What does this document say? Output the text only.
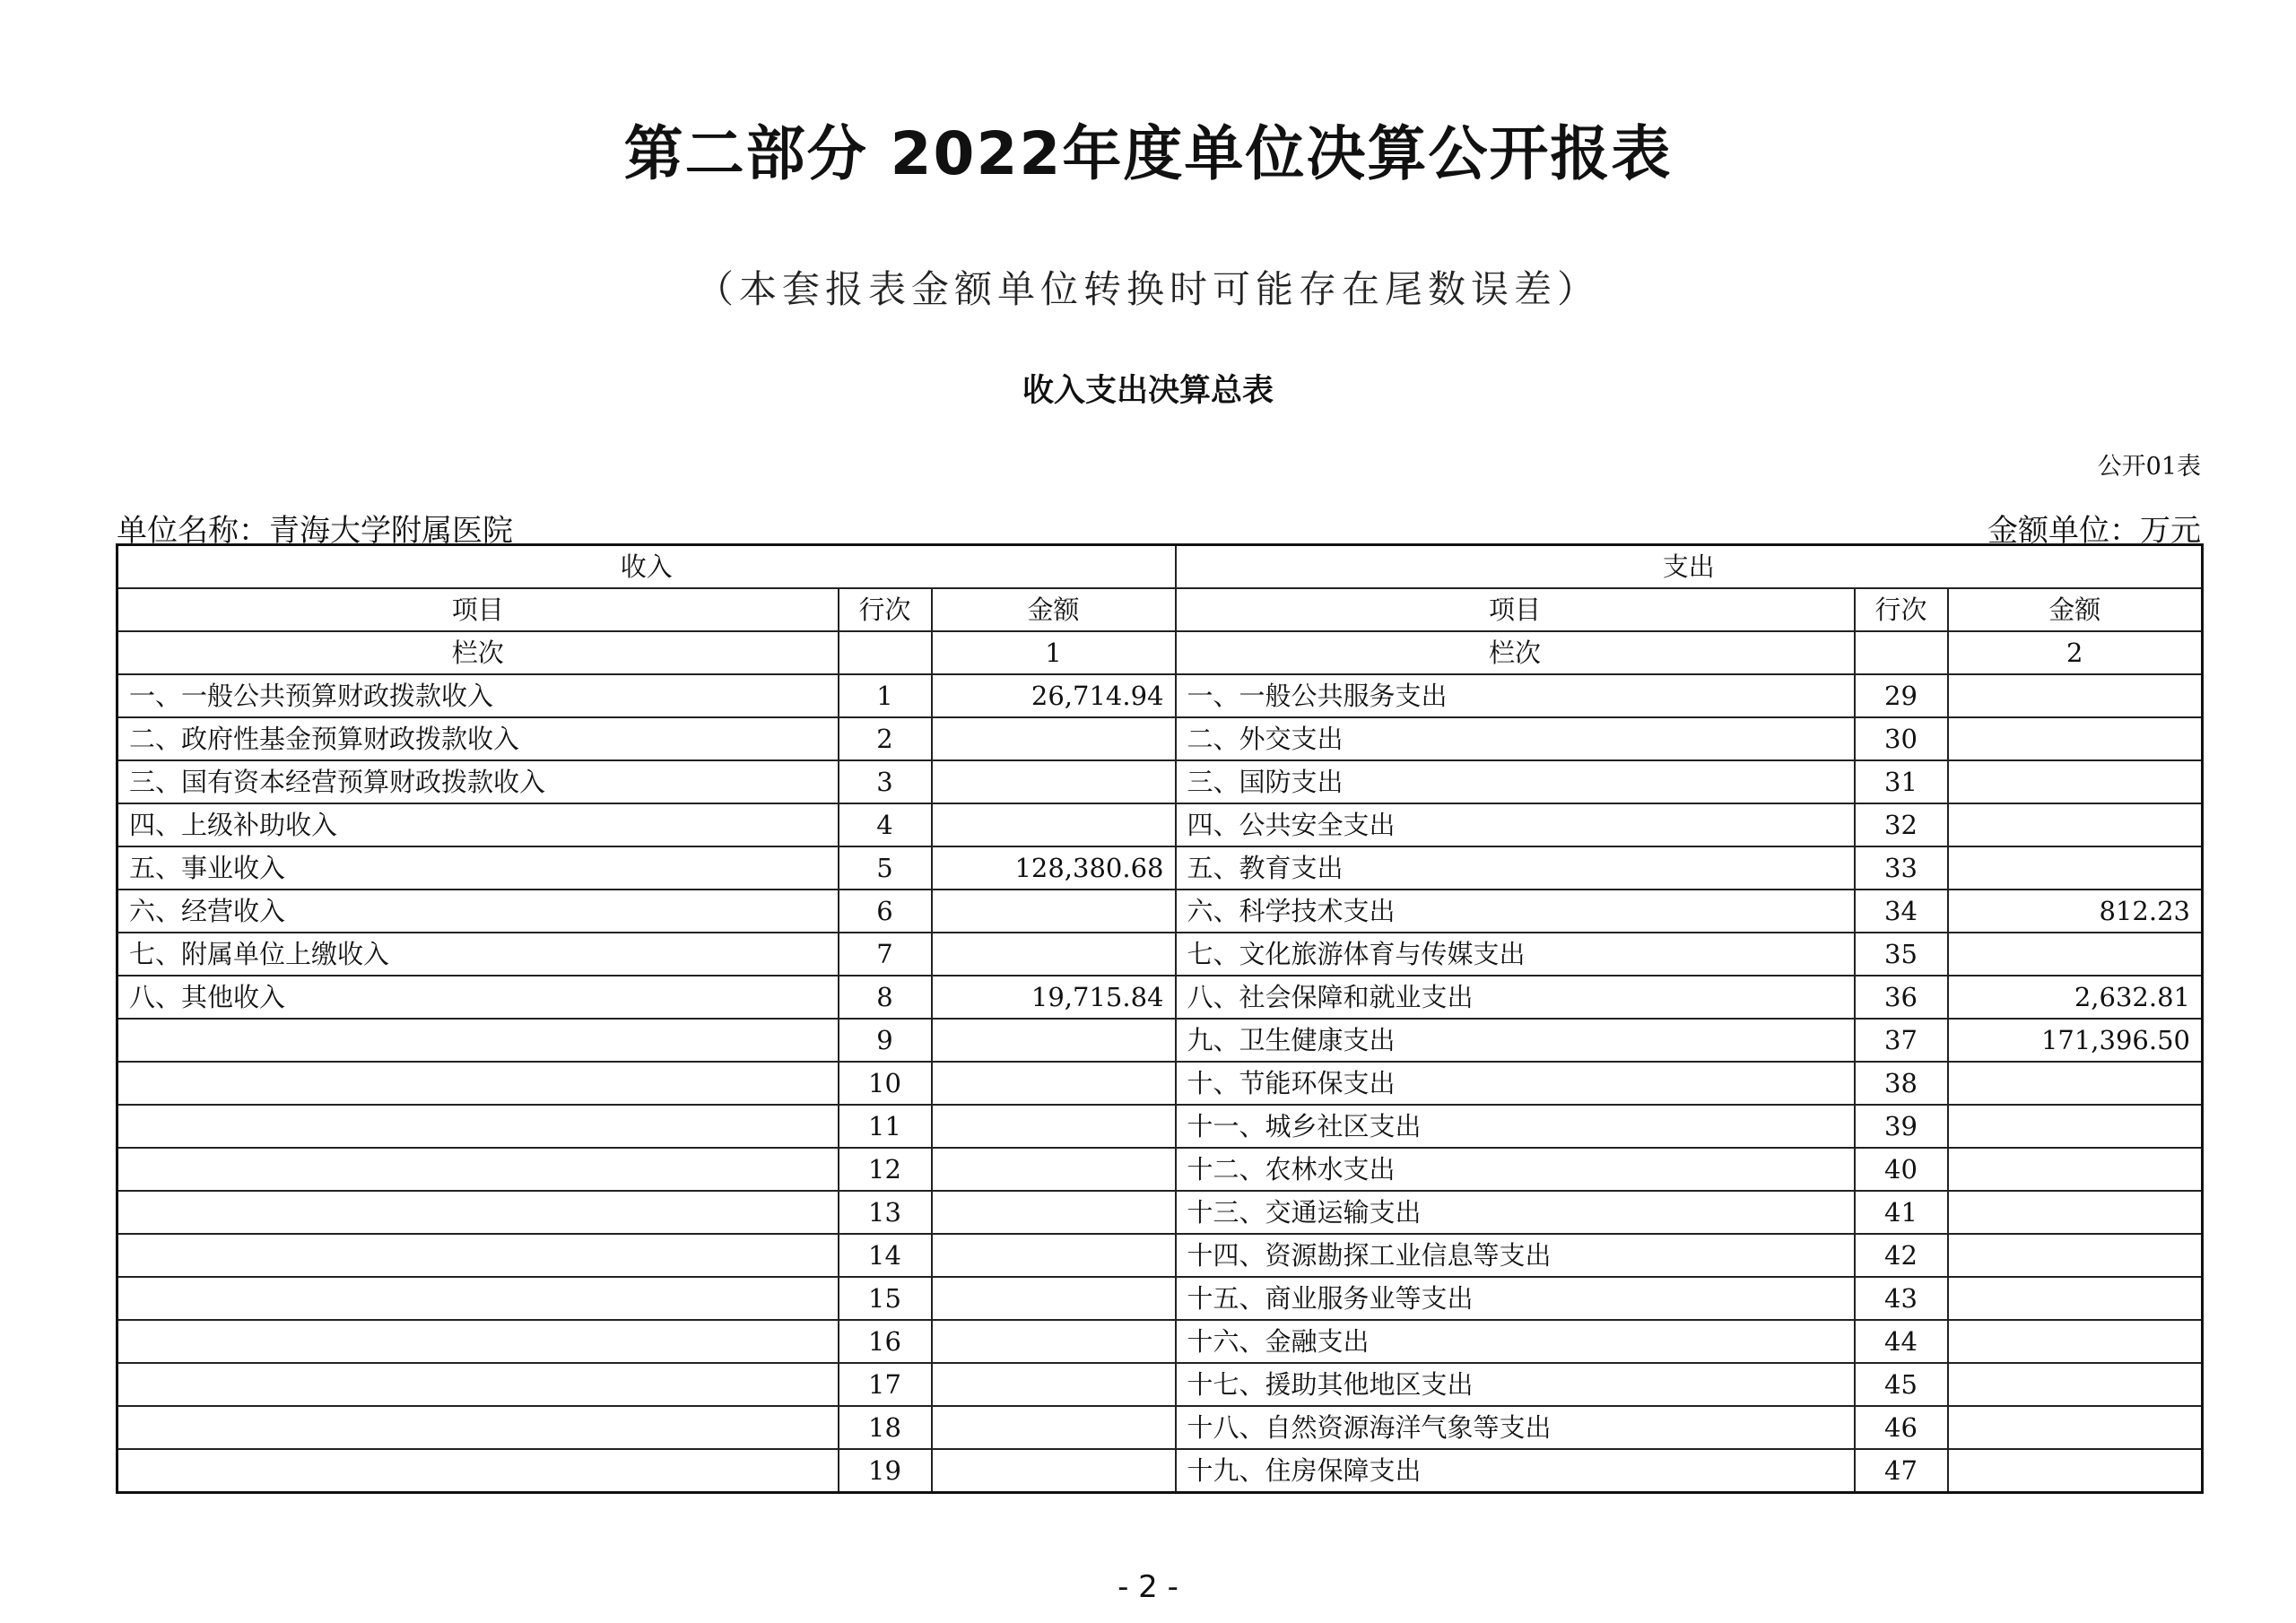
第二部分 2022年度单位决算公开报表
（本套报表金额单位转换时可能存在尾数误差）
收入支出决算总表
公开01表
单位名称：青海大学附属医院	金额单位：万元
收入			支出		
项目	行次	金额	项目	行次	金额
栏次		1	栏次		2
一、一般公共预算财政拨款收入	1	26,714.94	一、一般公共服务支出	29	
二、政府性基金预算财政拨款收入	2		二、外交支出	30	
三、国有资本经营预算财政拨款收入	3		三、国防支出	31	
四、上级补助收入	4		四、公共安全支出	32	
五、事业收入	5	128,380.68	五、教育支出	33	
六、经营收入	6		六、科学技术支出	34	812.23
七、附属单位上缴收入	7		七、文化旅游体育与传媒支出	35	
八、其他收入	8	19,715.84	八、社会保障和就业支出	36	2,632.81
	9		九、卫生健康支出	37	171,396.50
	10		十、节能环保支出	38	
	11		十一、城乡社区支出	39	
	12		十二、农林水支出	40	
	13		十三、交通运输支出	41	
	14		十四、资源勘探工业信息等支出	42	
	15		十五、商业服务业等支出	43	
	16		十六、金融支出	44	
	17		十七、援助其他地区支出	45	
	18		十八、自然资源海洋气象等支出	46	
	19		十九、住房保障支出	47	
- 2 -
